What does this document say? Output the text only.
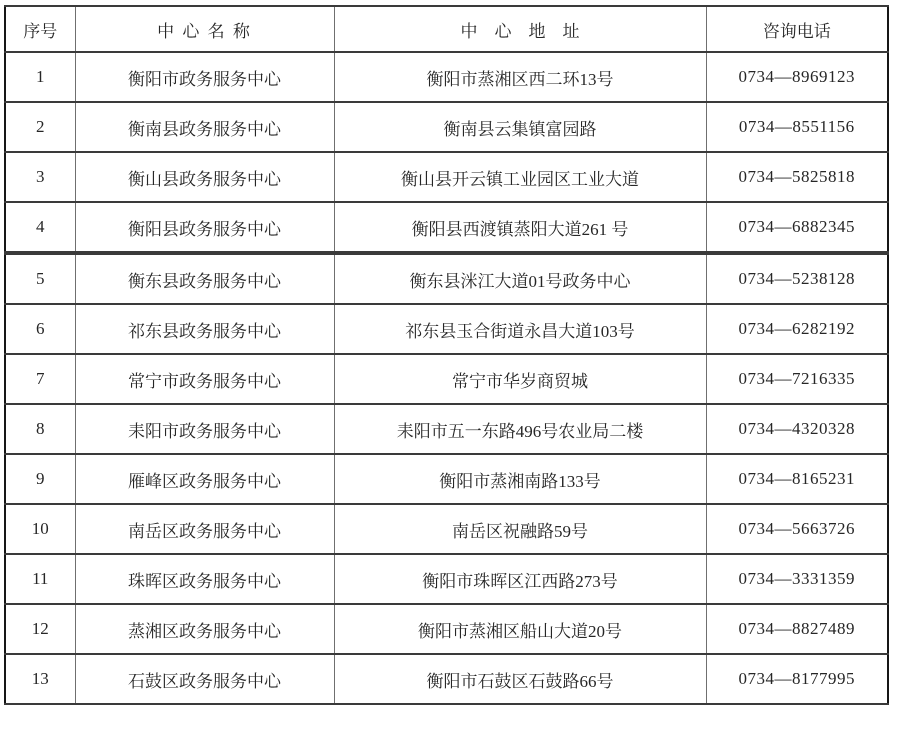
序号	中 心 名 称	中　心　地　址	咨询电话
1	衡阳市政务服务中心	衡阳市蒸湘区西二环13号	0734—8969123
2	衡南县政务服务中心	衡南县云集镇富园路	0734—8551156
3	衡山县政务服务中心	衡山县开云镇工业园区工业大道	0734—5825818
4	衡阳县政务服务中心	衡阳县西渡镇蒸阳大道261 号	0734—6882345
5	衡东县政务服务中心	衡东县洣江大道01号政务中心	0734—5238128
6	祁东县政务服务中心	祁东县玉合街道永昌大道103号	0734—6282192
7	常宁市政务服务中心	常宁市华岁商贸城	0734—7216335
8	耒阳市政务服务中心	耒阳市五一东路496号农业局二楼	0734—4320328
9	雁峰区政务服务中心	衡阳市蒸湘南路133号	0734—8165231
10	南岳区政务服务中心	南岳区祝融路59号	0734—5663726
11	珠晖区政务服务中心	衡阳市珠晖区江西路273号	0734—3331359
12	蒸湘区政务服务中心	衡阳市蒸湘区船山大道20号	0734—8827489
13	石鼓区政务服务中心	衡阳市石鼓区石鼓路66号	0734—8177995
